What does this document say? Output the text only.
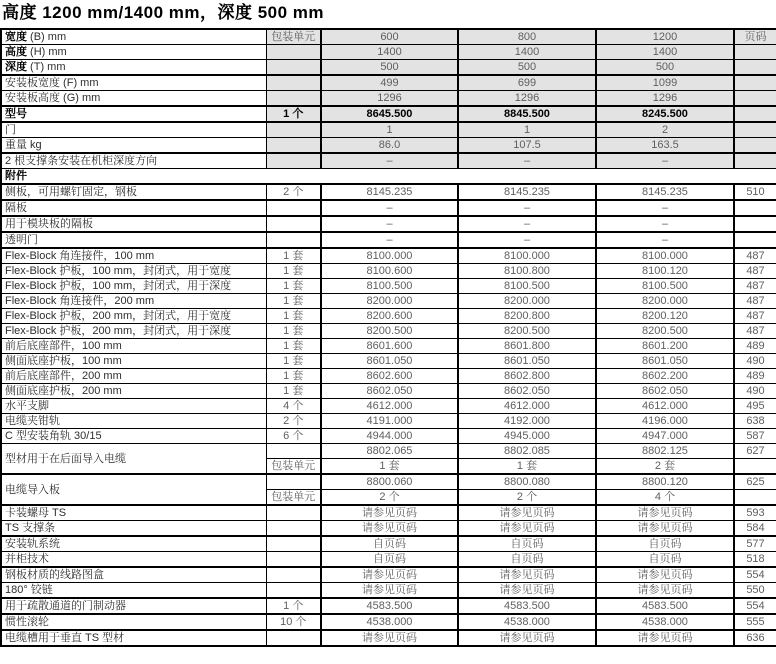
高度 1200 mm/1400 mm，深度 500 mm
宽度 (B) mm	包装单元	600	800	1200	页码
高度 (H) mm		1400	1400	1400	
深度 (T) mm		500	500	500	
安装板宽度 (F) mm		499	699	1099	
安装板高度 (G) mm		1296	1296	1296	
型号	1 个	8645.500	8845.500	8245.500	
门		1	1	2	
重量 kg		86.0	107.5	163.5	
2 根支撑条安装在机柜深度方向		–	–	–	
附件					
侧板，可用螺钉固定，钢板	2 个	8145.235	8145.235	8145.235	510
隔板		–	–	–	
用于模块板的隔板		–	–	–	
透明门		–	–	–	
Flex-Block 角连接件，100 mm	1 套	8100.000	8100.000	8100.000	487
Flex-Block 护板，100 mm，封闭式，用于宽度	1 套	8100.600	8100.800	8100.120	487
Flex-Block 护板，100 mm，封闭式，用于深度	1 套	8100.500	8100.500	8100.500	487
Flex-Block 角连接件，200 mm	1 套	8200.000	8200.000	8200.000	487
Flex-Block 护板，200 mm，封闭式，用于宽度	1 套	8200.600	8200.800	8200.120	487
Flex-Block 护板，200 mm，封闭式，用于深度	1 套	8200.500	8200.500	8200.500	487
前后底座部件，100 mm	1 套	8601.600	8601.800	8601.200	489
侧面底座护板，100 mm	1 套	8601.050	8601.050	8601.050	490
前后底座部件，200 mm	1 套	8602.600	8602.800	8602.200	489
侧面底座护板，200 mm	1 套	8602.050	8602.050	8602.050	490
水平支脚	4 个	4612.000	4612.000	4612.000	495
电缆夹钳轨	2 个	4191.000	4192.000	4196.000	638
C 型安装角轨 30/15	6 个	4944.000	4945.000	4947.000	587
型材用于在后面导入电缆		8802.065	8802.085	8802.125	627
	包装单元	1 套	1 套	2 套	
电缆导入板		8800.060	8800.080	8800.120	625
	包装单元	2 个	2 个	4 个	
卡装螺母 TS		请参见页码	请参见页码	请参见页码	593
TS 支撑条		请参见页码	请参见页码	请参见页码	584
安装轨系统		自页码	自页码	自页码	577
并柜技术		自页码	自页码	自页码	518
钢板材质的线路图盒		请参见页码	请参见页码	请参见页码	554
180° 铰链		请参见页码	请参见页码	请参见页码	550
用于疏散通道的门制动器	1 个	4583.500	4583.500	4583.500	554
惯性滚轮	10 个	4538.000	4538.000	4538.000	555
电缆槽用于垂直 TS 型材		请参见页码	请参见页码	请参见页码	636
